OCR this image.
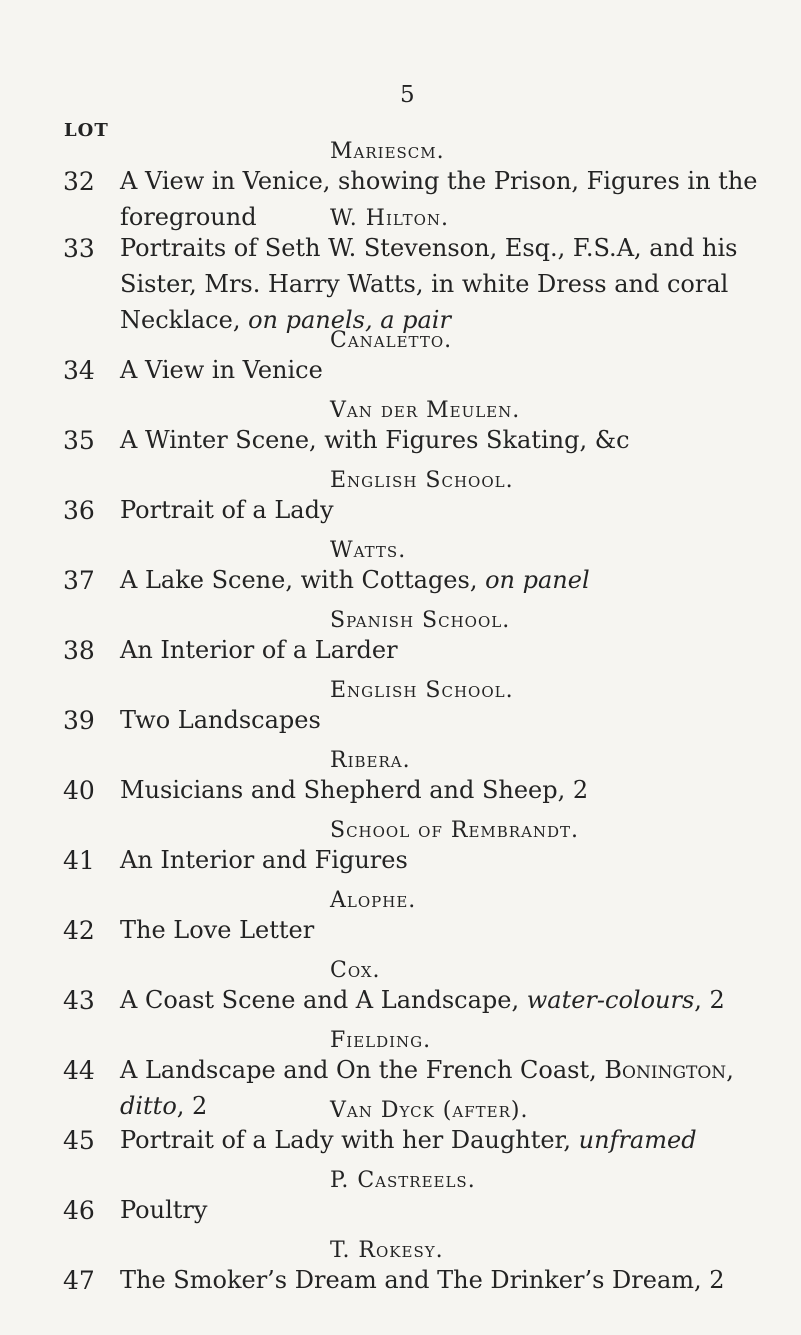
5
LOT
Mariescm.
32 A View in Venice, showing the Prison, Figures in the foreground	W. Hilton.
33 Portraits of Seth W. Stevenson, Esq., F.S.A, and his Sister, Mrs. Harry Watts, in white Dress and coral Necklace, on panels, a pair
Canaletto.
34 A View in Venice
Van der Meulen.
35 A Winter Scene, with Figures Skating, &c
English School.
36 Portrait of a Lady
Watts.
37 A Lake Scene, with Cottages, on panel
Spanish School.
38 An Interior of a Larder
English School.
39 Two Landscapes
Ribera.
40 Musicians and Shepherd and Sheep, 2
School of Rembrandt.
41 An Interior and Figures
Alophe.
42 The Love Letter
Cox.
43 A Coast Scene and A Landscape, water-colours, 2
Fielding.
44 A Landscape and On the French Coast, Bonington, ditto, 2	Van Dyck (after).
45 Portrait of a Lady with her Daughter, unframed
P. Castreels.
46 Poultry
T. Rokesy.
47 The Smoker’s Dream and The Drinker’s Dream, 2
